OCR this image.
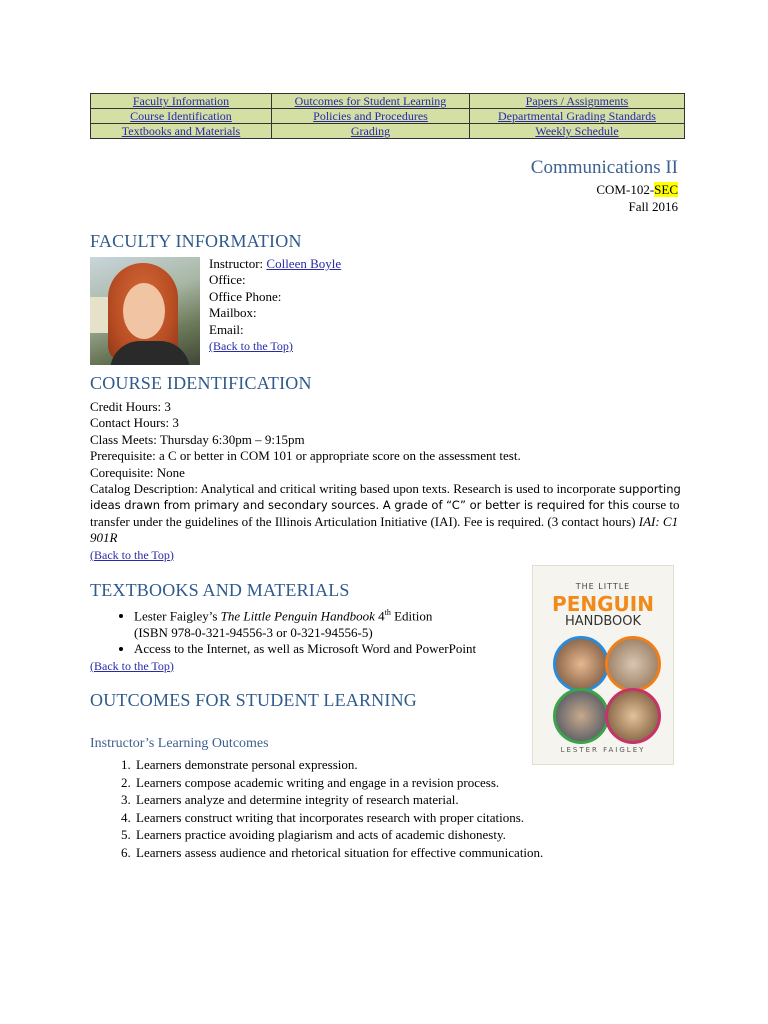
Faculty Information	Outcomes for Student Learning	Papers / Assignments
Course Identification	Policies and Procedures	Departmental Grading Standards
Textbooks and Materials	Grading	Weekly Schedule
Communications II
COM-102-SEC
Fall 2016
FACULTY INFORMATION
Instructor: Colleen Boyle
Office:
Office Phone:
Mailbox:
Email:
(Back to the Top)
COURSE IDENTIFICATION
Credit Hours: 3
Contact Hours: 3
Class Meets: Thursday 6:30pm – 9:15pm
Prerequisite: a C or better in COM 101 or appropriate score on the assessment test.
Corequisite: None
Catalog Description: Analytical and critical writing based upon texts. Research is used to incorporate supporting ideas drawn from primary and secondary sources. A grade of “C” or better is required for this course to transfer under the guidelines of the Illinois Articulation Initiative (IAI). Fee is required. (3 contact hours) IAI: C1 901R
(Back to the Top)
TEXTBOOKS AND MATERIALS
• Lester Faigley’s The Little Penguin Handbook 4th Edition
(ISBN 978-0-321-94556-3 or 0-321-94556-5)
• Access to the Internet, as well as Microsoft Word and PowerPoint
(Back to the Top)
THE LITTLE
PENGUIN
HANDBOOK
LESTER FAIGLEY
OUTCOMES FOR STUDENT LEARNING
Instructor’s Learning Outcomes
1. Learners demonstrate personal expression.
2. Learners compose academic writing and engage in a revision process.
3. Learners analyze and determine integrity of research material.
4. Learners construct writing that incorporates research with proper citations.
5. Learners practice avoiding plagiarism and acts of academic dishonesty.
6. Learners assess audience and rhetorical situation for effective communication.
